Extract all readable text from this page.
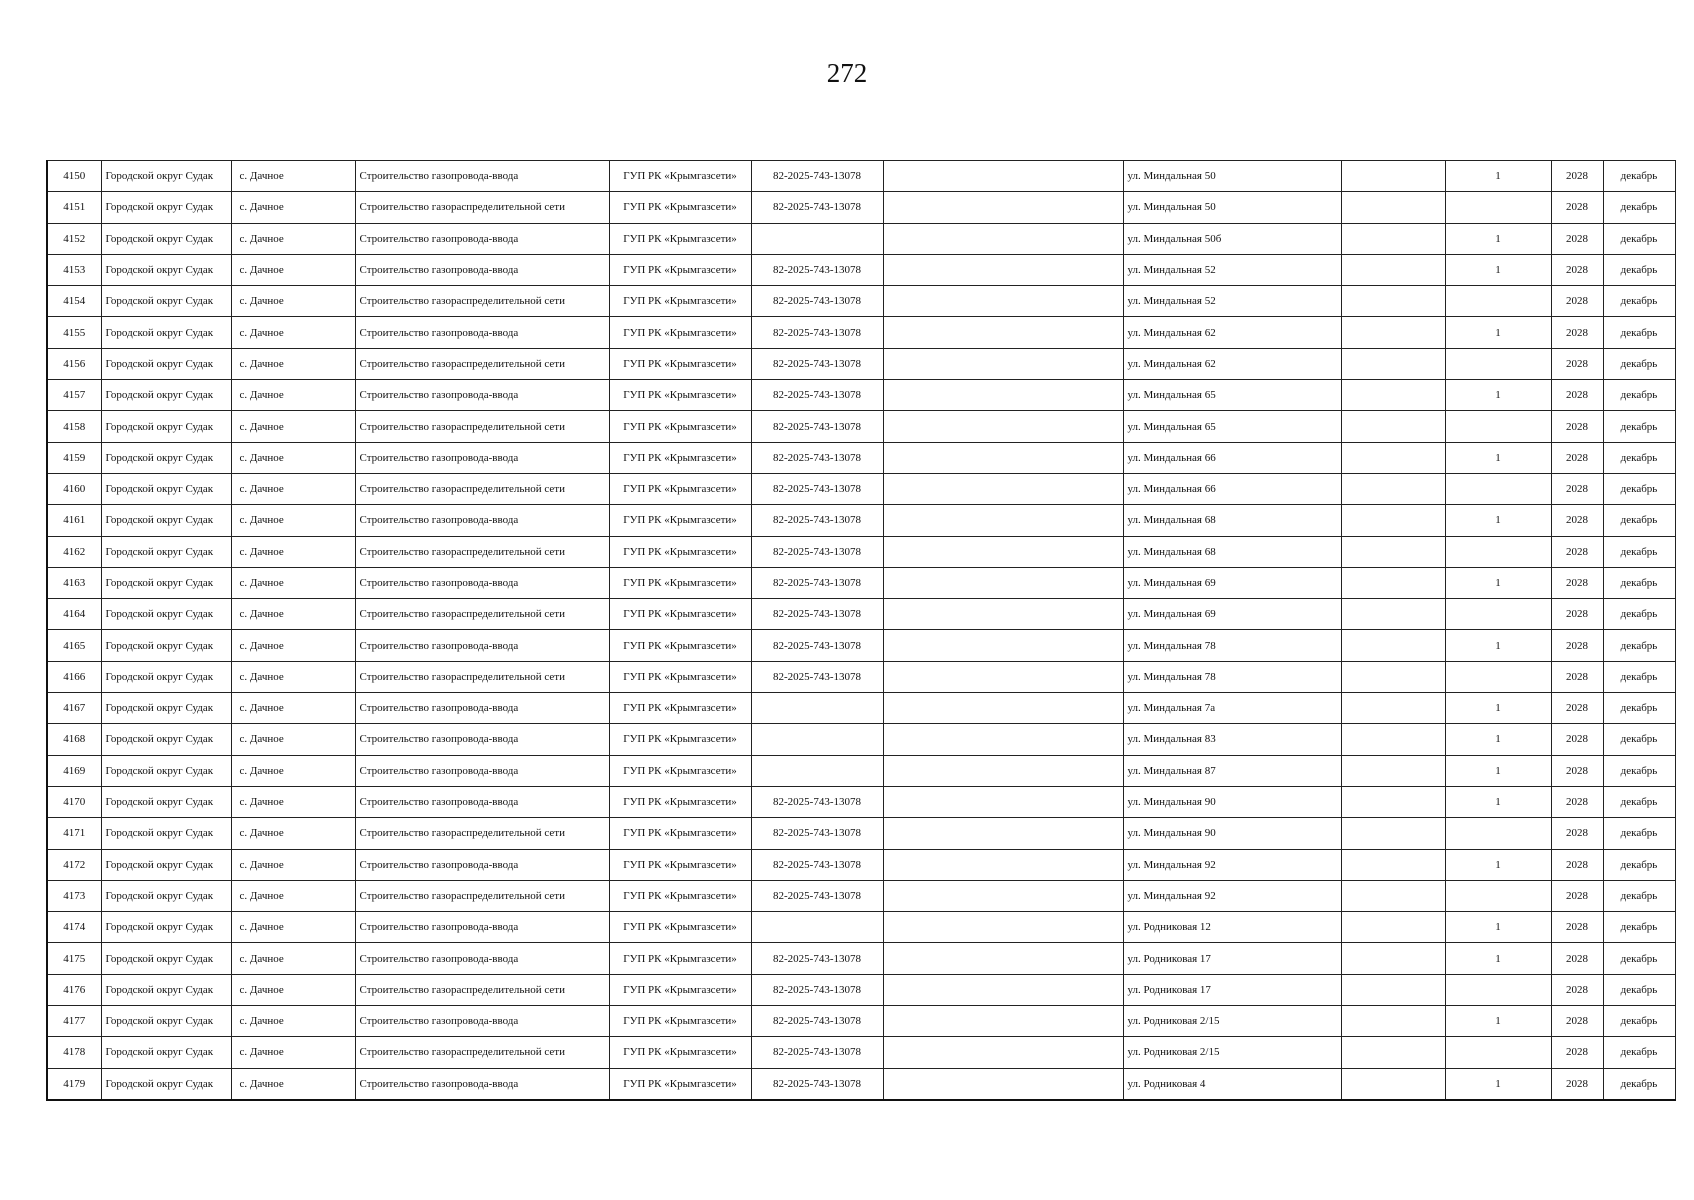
272
4150	Городской округ Судак	с. Дачное	Строительство газопровода-ввода	ГУП РК «Крымгазсети»	82-2025-743-13078		ул. Миндальная 50		1	2028	декабрь
4151	Городской округ Судак	с. Дачное	Строительство газораспределительной сети	ГУП РК «Крымгазсети»	82-2025-743-13078		ул. Миндальная 50			2028	декабрь
4152	Городской округ Судак	с. Дачное	Строительство газопровода-ввода	ГУП РК «Крымгазсети»			ул. Миндальная 50б		1	2028	декабрь
4153	Городской округ Судак	с. Дачное	Строительство газопровода-ввода	ГУП РК «Крымгазсети»	82-2025-743-13078		ул. Миндальная 52		1	2028	декабрь
4154	Городской округ Судак	с. Дачное	Строительство газораспределительной сети	ГУП РК «Крымгазсети»	82-2025-743-13078		ул. Миндальная 52			2028	декабрь
4155	Городской округ Судак	с. Дачное	Строительство газопровода-ввода	ГУП РК «Крымгазсети»	82-2025-743-13078		ул. Миндальная 62		1	2028	декабрь
4156	Городской округ Судак	с. Дачное	Строительство газораспределительной сети	ГУП РК «Крымгазсети»	82-2025-743-13078		ул. Миндальная 62			2028	декабрь
4157	Городской округ Судак	с. Дачное	Строительство газопровода-ввода	ГУП РК «Крымгазсети»	82-2025-743-13078		ул. Миндальная 65		1	2028	декабрь
4158	Городской округ Судак	с. Дачное	Строительство газораспределительной сети	ГУП РК «Крымгазсети»	82-2025-743-13078		ул. Миндальная 65			2028	декабрь
4159	Городской округ Судак	с. Дачное	Строительство газопровода-ввода	ГУП РК «Крымгазсети»	82-2025-743-13078		ул. Миндальная 66		1	2028	декабрь
4160	Городской округ Судак	с. Дачное	Строительство газораспределительной сети	ГУП РК «Крымгазсети»	82-2025-743-13078		ул. Миндальная 66			2028	декабрь
4161	Городской округ Судак	с. Дачное	Строительство газопровода-ввода	ГУП РК «Крымгазсети»	82-2025-743-13078		ул. Миндальная 68		1	2028	декабрь
4162	Городской округ Судак	с. Дачное	Строительство газораспределительной сети	ГУП РК «Крымгазсети»	82-2025-743-13078		ул. Миндальная 68			2028	декабрь
4163	Городской округ Судак	с. Дачное	Строительство газопровода-ввода	ГУП РК «Крымгазсети»	82-2025-743-13078		ул. Миндальная 69		1	2028	декабрь
4164	Городской округ Судак	с. Дачное	Строительство газораспределительной сети	ГУП РК «Крымгазсети»	82-2025-743-13078		ул. Миндальная 69			2028	декабрь
4165	Городской округ Судак	с. Дачное	Строительство газопровода-ввода	ГУП РК «Крымгазсети»	82-2025-743-13078		ул. Миндальная 78		1	2028	декабрь
4166	Городской округ Судак	с. Дачное	Строительство газораспределительной сети	ГУП РК «Крымгазсети»	82-2025-743-13078		ул. Миндальная 78			2028	декабрь
4167	Городской округ Судак	с. Дачное	Строительство газопровода-ввода	ГУП РК «Крымгазсети»			ул. Миндальная 7а		1	2028	декабрь
4168	Городской округ Судак	с. Дачное	Строительство газопровода-ввода	ГУП РК «Крымгазсети»			ул. Миндальная 83		1	2028	декабрь
4169	Городской округ Судак	с. Дачное	Строительство газопровода-ввода	ГУП РК «Крымгазсети»			ул. Миндальная 87		1	2028	декабрь
4170	Городской округ Судак	с. Дачное	Строительство газопровода-ввода	ГУП РК «Крымгазсети»	82-2025-743-13078		ул. Миндальная 90		1	2028	декабрь
4171	Городской округ Судак	с. Дачное	Строительство газораспределительной сети	ГУП РК «Крымгазсети»	82-2025-743-13078		ул. Миндальная 90			2028	декабрь
4172	Городской округ Судак	с. Дачное	Строительство газопровода-ввода	ГУП РК «Крымгазсети»	82-2025-743-13078		ул. Миндальная 92		1	2028	декабрь
4173	Городской округ Судак	с. Дачное	Строительство газораспределительной сети	ГУП РК «Крымгазсети»	82-2025-743-13078		ул. Миндальная 92			2028	декабрь
4174	Городской округ Судак	с. Дачное	Строительство газопровода-ввода	ГУП РК «Крымгазсети»			ул. Родниковая 12		1	2028	декабрь
4175	Городской округ Судак	с. Дачное	Строительство газопровода-ввода	ГУП РК «Крымгазсети»	82-2025-743-13078		ул. Родниковая 17		1	2028	декабрь
4176	Городской округ Судак	с. Дачное	Строительство газораспределительной сети	ГУП РК «Крымгазсети»	82-2025-743-13078		ул. Родниковая 17			2028	декабрь
4177	Городской округ Судак	с. Дачное	Строительство газопровода-ввода	ГУП РК «Крымгазсети»	82-2025-743-13078		ул. Родниковая 2/15		1	2028	декабрь
4178	Городской округ Судак	с. Дачное	Строительство газораспределительной сети	ГУП РК «Крымгазсети»	82-2025-743-13078		ул. Родниковая 2/15			2028	декабрь
4179	Городской округ Судак	с. Дачное	Строительство газопровода-ввода	ГУП РК «Крымгазсети»	82-2025-743-13078		ул. Родниковая 4		1	2028	декабрь
